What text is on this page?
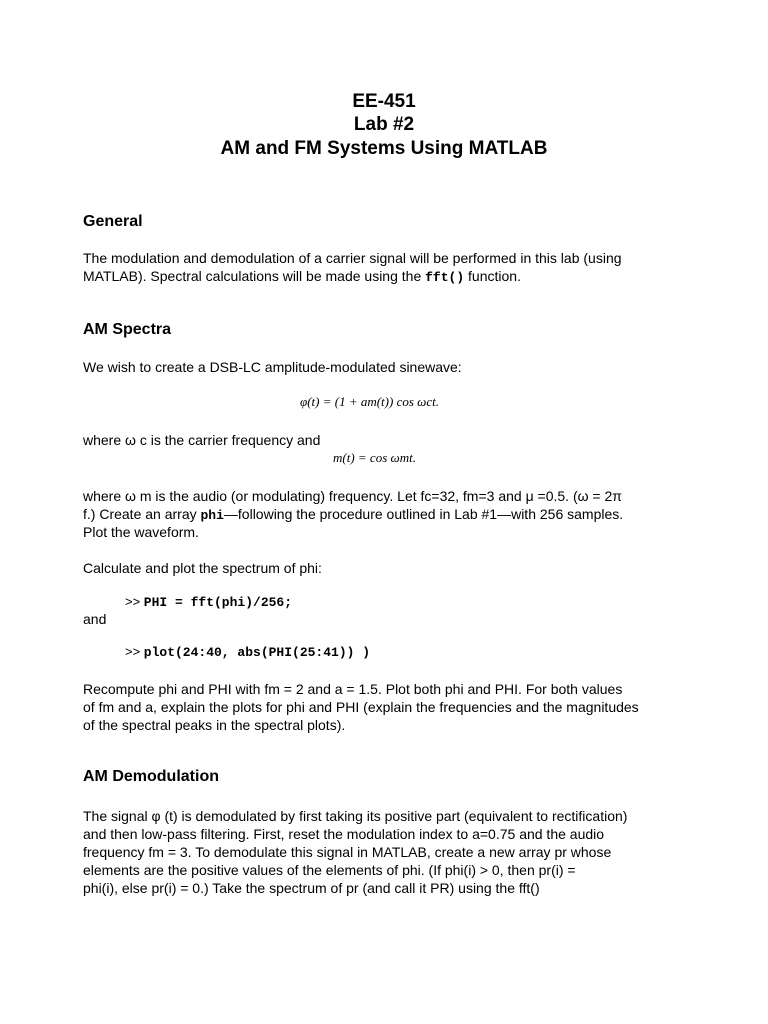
EE-451
Lab #2
AM and FM Systems Using MATLAB
General
The modulation and demodulation of a carrier signal will be performed in this lab (using
MATLAB). Spectral calculations will be made using the fft() function.
AM Spectra
We wish to create a DSB-LC amplitude-modulated sinewave:
φ(t) = (1 + am(t)) cos ωct.
where ω c is the carrier frequency and
m(t) = cos ωmt.
where ω m is the audio (or modulating) frequency. Let fc=32, fm=3 and μ =0.5. (ω = 2π
f.) Create an array phi—following the procedure outlined in Lab #1—with 256 samples.
Plot the waveform.
Calculate and plot the spectrum of phi:
>> PHI = fft(phi)/256;
and
>> plot(24:40, abs(PHI(25:41)) )
Recompute phi and PHI with fm = 2 and a = 1.5. Plot both phi and PHI. For both values
of fm and a, explain the plots for phi and PHI (explain the frequencies and the magnitudes
of the spectral peaks in the spectral plots).
AM Demodulation
The signal φ (t) is demodulated by first taking its positive part (equivalent to rectification)
and then low-pass filtering. First, reset the modulation index to a=0.75 and the audio
frequency fm = 3. To demodulate this signal in MATLAB, create a new array pr whose
elements are the positive values of the elements of phi. (If phi(i) > 0, then pr(i) =
phi(i), else pr(i) = 0.) Take the spectrum of pr (and call it PR) using the fft()
